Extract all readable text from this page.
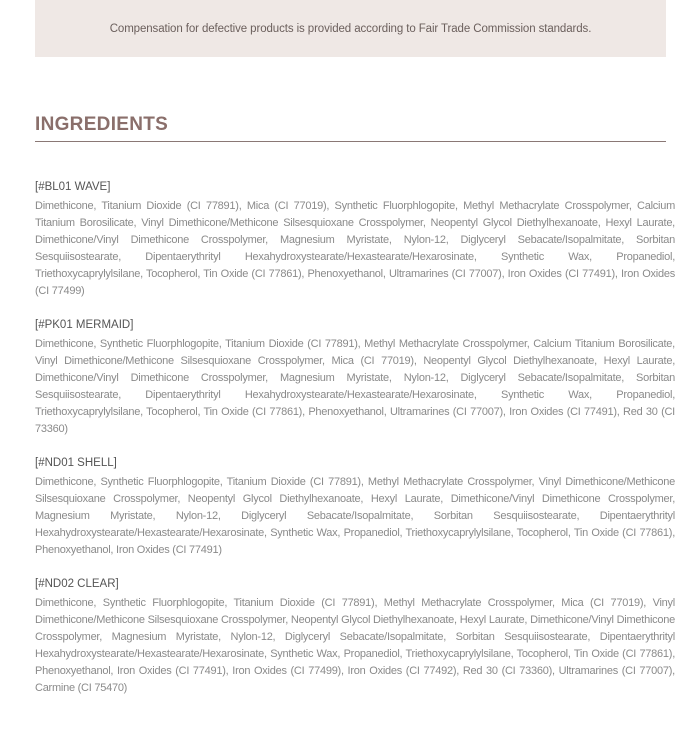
Compensation for defective products is provided according to Fair Trade Commission standards.
INGREDIENTS
[#BL01 WAVE]
Dimethicone, Titanium Dioxide (CI 77891), Mica (CI 77019), Synthetic Fluorphlogopite, Methyl Methacrylate Crosspolymer, Calcium Titanium Borosilicate, Vinyl Dimethicone/Methicone Silsesquioxane Crosspolymer, Neopentyl Glycol Diethylhexanoate, Hexyl Laurate, Dimethicone/Vinyl Dimethicone Crosspolymer, Magnesium Myristate, Nylon-12, Diglyceryl Sebacate/Isopalmitate, Sorbitan Sesquiisostearate, Dipentaerythrityl Hexahydroxystearate/Hexastearate/Hexarosinate, Synthetic Wax, Propanediol, Triethoxycaprylylsilane, Tocopherol, Tin Oxide (CI 77861), Phenoxyethanol, Ultramarines (CI 77007), Iron Oxides (CI 77491), Iron Oxides (CI 77499)
[#PK01 MERMAID]
Dimethicone, Synthetic Fluorphlogopite, Titanium Dioxide (CI 77891), Methyl Methacrylate Crosspolymer, Calcium Titanium Borosilicate, Vinyl Dimethicone/Methicone Silsesquioxane Crosspolymer, Mica (CI 77019), Neopentyl Glycol Diethylhexanoate, Hexyl Laurate, Dimethicone/Vinyl Dimethicone Crosspolymer, Magnesium Myristate, Nylon-12, Diglyceryl Sebacate/Isopalmitate, Sorbitan Sesquiisostearate, Dipentaerythrityl Hexahydroxystearate/Hexastearate/Hexarosinate, Synthetic Wax, Propanediol, Triethoxycaprylylsilane, Tocopherol, Tin Oxide (CI 77861), Phenoxyethanol, Ultramarines (CI 77007), Iron Oxides (CI 77491), Red 30 (CI 73360)
[#ND01 SHELL]
Dimethicone, Synthetic Fluorphlogopite, Titanium Dioxide (CI 77891), Methyl Methacrylate Crosspolymer, Vinyl Dimethicone/Methicone Silsesquioxane Crosspolymer, Neopentyl Glycol Diethylhexanoate, Hexyl Laurate, Dimethicone/Vinyl Dimethicone Crosspolymer, Magnesium Myristate, Nylon-12, Diglyceryl Sebacate/Isopalmitate, Sorbitan Sesquiisostearate, Dipentaerythrityl Hexahydroxystearate/Hexastearate/Hexarosinate, Synthetic Wax, Propanediol, Triethoxycaprylylsilane, Tocopherol, Tin Oxide (CI 77861), Phenoxyethanol, Iron Oxides (CI 77491)
[#ND02 CLEAR]
Dimethicone, Synthetic Fluorphlogopite, Titanium Dioxide (CI 77891), Methyl Methacrylate Crosspolymer, Mica (CI 77019), Vinyl Dimethicone/Methicone Silsesquioxane Crosspolymer, Neopentyl Glycol Diethylhexanoate, Hexyl Laurate, Dimethicone/Vinyl Dimethicone Crosspolymer, Magnesium Myristate, Nylon-12, Diglyceryl Sebacate/Isopalmitate, Sorbitan Sesquiisostearate, Dipentaerythrityl Hexahydroxystearate/Hexastearate/Hexarosinate, Synthetic Wax, Propanediol, Triethoxycaprylylsilane, Tocopherol, Tin Oxide (CI 77861), Phenoxyethanol, Iron Oxides (CI 77491), Iron Oxides (CI 77499), Iron Oxides (CI 77492), Red 30 (CI 73360), Ultramarines (CI 77007), Carmine (CI 75470)
